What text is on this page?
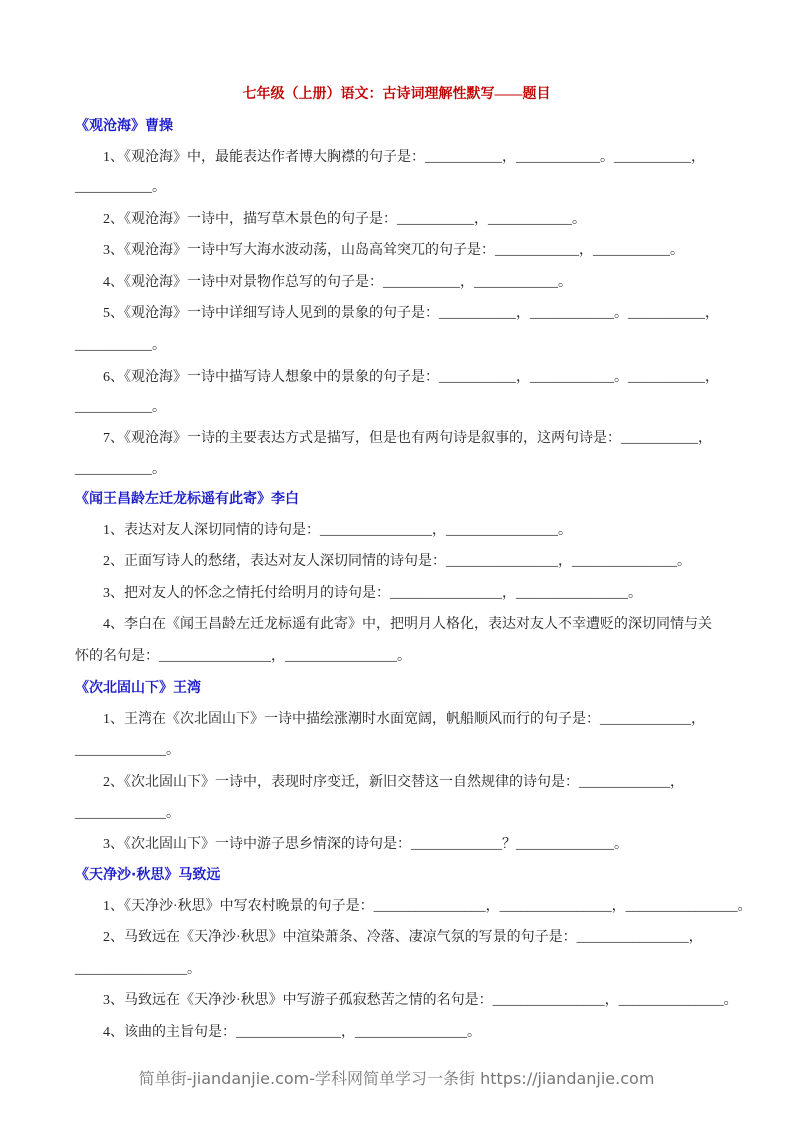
七年级（上册）语文：古诗词理解性默写——题目
简单街-jiandanjie.com-学科网简单学习一条街 https://jiandanjie.com
《观沧海》曹操
1、《观沧海》中，最能表达作者博大胸襟的句子是：___________，____________。___________，
___________。
2、《观沧海》一诗中，描写草木景色的句子是：___________，____________。
3、《观沧海》一诗中写大海水波动荡，山岛高耸突兀的句子是：____________，___________。
4、《观沧海》一诗中对景物作总写的句子是：___________，____________。
5、《观沧海》一诗中详细写诗人见到的景象的句子是：___________，____________。___________，
___________。
6、《观沧海》一诗中描写诗人想象中的景象的句子是：___________，____________。___________，
___________。
7、《观沧海》一诗的主要表达方式是描写，但是也有两句诗是叙事的，这两句诗是：___________，
___________。
《闻王昌龄左迁龙标遥有此寄》李白
1、表达对友人深切同情的诗句是：________________，________________。
2、正面写诗人的愁绪，表达对友人深切同情的诗句是：________________，_______________。
3、把对友人的怀念之情托付给明月的诗句是：________________，________________。
4、李白在《闻王昌龄左迁龙标遥有此寄》中，把明月人格化，表达对友人不幸遭贬的深切同情与关
怀的名句是：________________，________________。
《次北固山下》王湾
1、王湾在《次北固山下》一诗中描绘涨潮时水面宽阔，帆船顺风而行的句子是：_____________，
_____________。
2、《次北固山下》一诗中，表现时序变迁，新旧交替这一自然规律的诗句是：_____________，
_____________。
3、《次北固山下》一诗中游子思乡情深的诗句是：_____________？______________。
《天净沙·秋思》马致远
1、《天净沙·秋思》中写农村晚景的句子是：________________，________________，________________。
2、马致远在《天净沙·秋思》中渲染萧条、冷落、凄凉气氛的写景的句子是：________________，
________________。
3、马致远在《天净沙·秋思》中写游子孤寂愁苦之情的名句是：________________，_______________。
4、该曲的主旨句是：_______________，________________。
